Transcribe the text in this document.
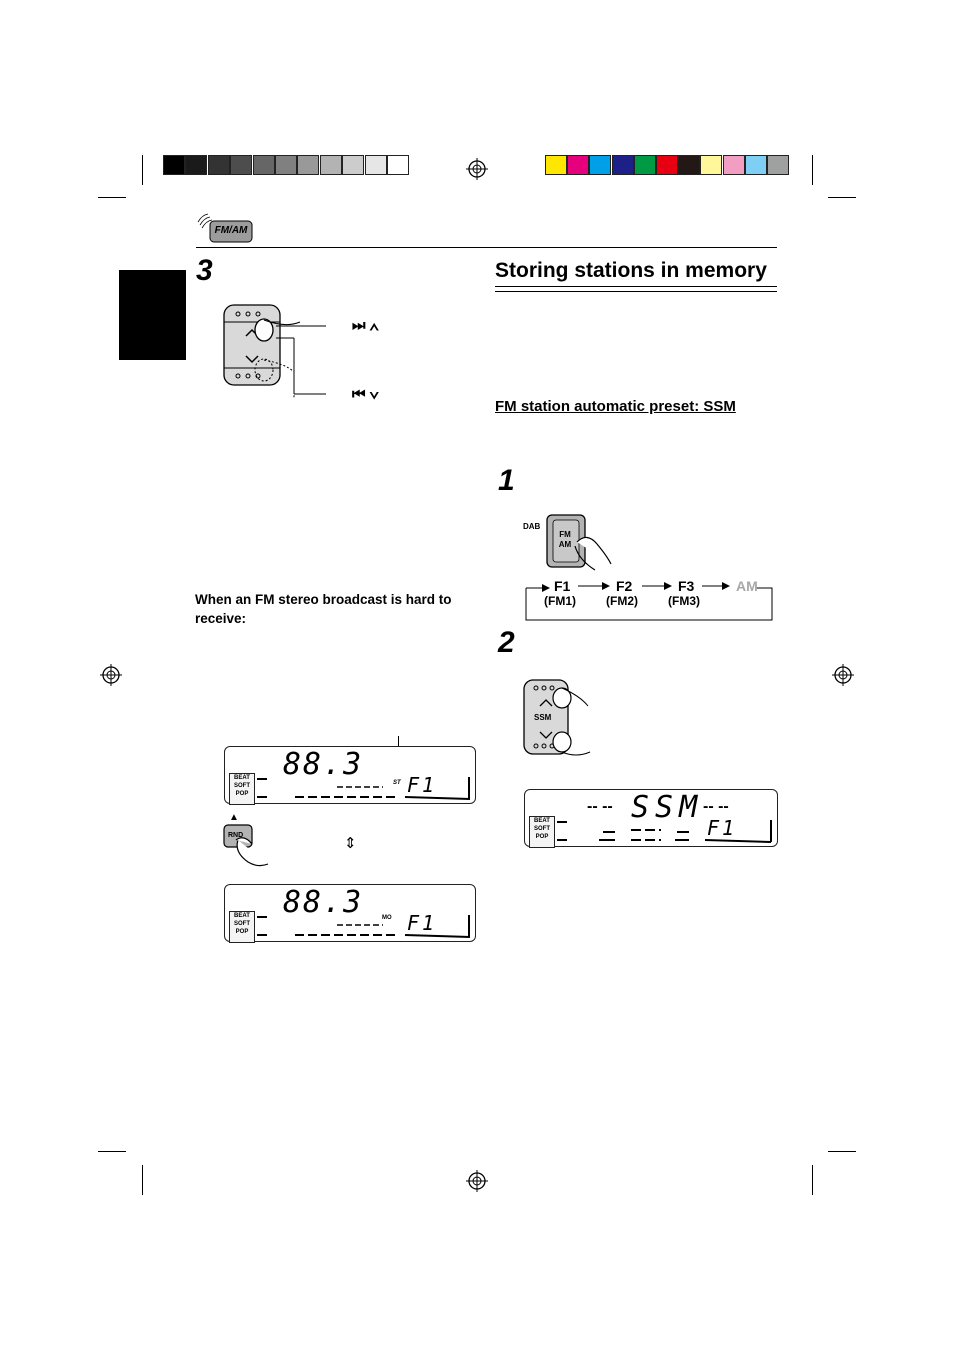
FM/AM
3
⏭ ∧
⏮ ∨
When an FM stereo broadcast is hard to receive:
BEAT
SOFT
POP
88.3
ST F1
▲
RND	⇕
BEAT
SOFT
POP
88.3	MO F1
Storing stations in memory
FM station automatic preset: SSM
1
DAB
FM
AM
F1
(FM1)
F2
(FM2)
F3
(FM3)
AM
2
SSM
BEAT
SOFT
POP
SSM
-- --	-- --
F1
